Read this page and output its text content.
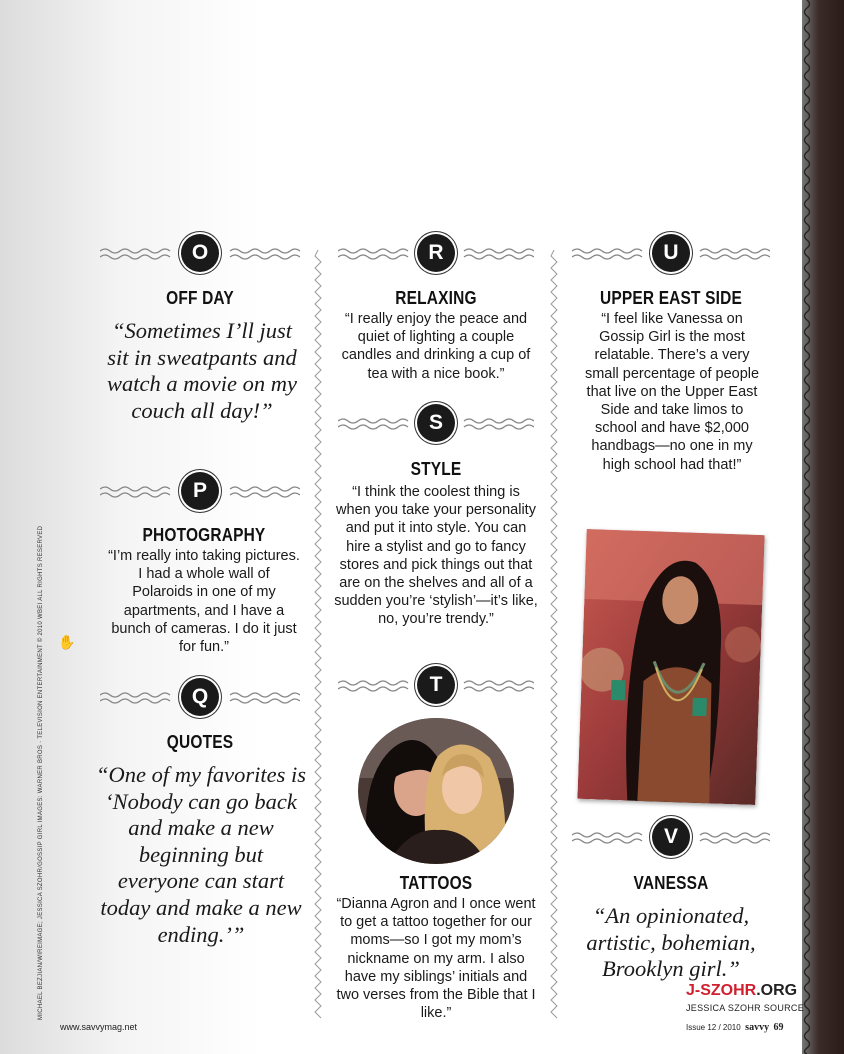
MICHAEL BEZJIAN/WIREIMAGE; JESSICA SZOHR/GOSSIP GIRL IMAGES: WARNER BROS · TELEVISION ENTERTAINMENT © 2010 WBEI ALL RIGHTS RESERVED ✋
O
OFF DAY
“Sometimes I’ll just sit in sweatpants and watch a movie on my couch all day!”
P
PHOTOGRAPHY
“I’m really into taking pictures. I had a whole wall of Polaroids in one of my apartments, and I have a bunch of cameras. I do it just for fun.”
Q
QUOTES
“One of my favorites is ‘Nobody can go back and make a new beginning but everyone can start today and make a new ending.’”
R
RELAXING
“I really enjoy the peace and quiet of lighting a couple candles and drinking a cup of tea with a nice book.”
S
STYLE
“I think the coolest thing is when you take your personality and put it into style. You can hire a stylist and go to fancy stores and pick things out that are on the shelves and all of a sudden you’re ‘stylish’—it’s like, no, you’re trendy.”
T
TATTOOS
“Dianna Agron and I once went to get a tattoo together for our moms—so I got my mom’s nickname on my arm. I also have my siblings’ initials and two verses from the Bible that I like.”
U
UPPER EAST SIDE
“I feel like Vanessa on Gossip Girl is the most relatable. There’s a very small percentage of people that live on the Upper East Side and take limos to school and have $2,000 handbags—no one in my high school had that!”
V
VANESSA
“An opinionated, artistic, bohemian, Brooklyn girl.”
J-SZOHR.ORG
JESSICA SZOHR SOURCE
www.savvymag.net	Issue 12 / 2010 savvy 69
